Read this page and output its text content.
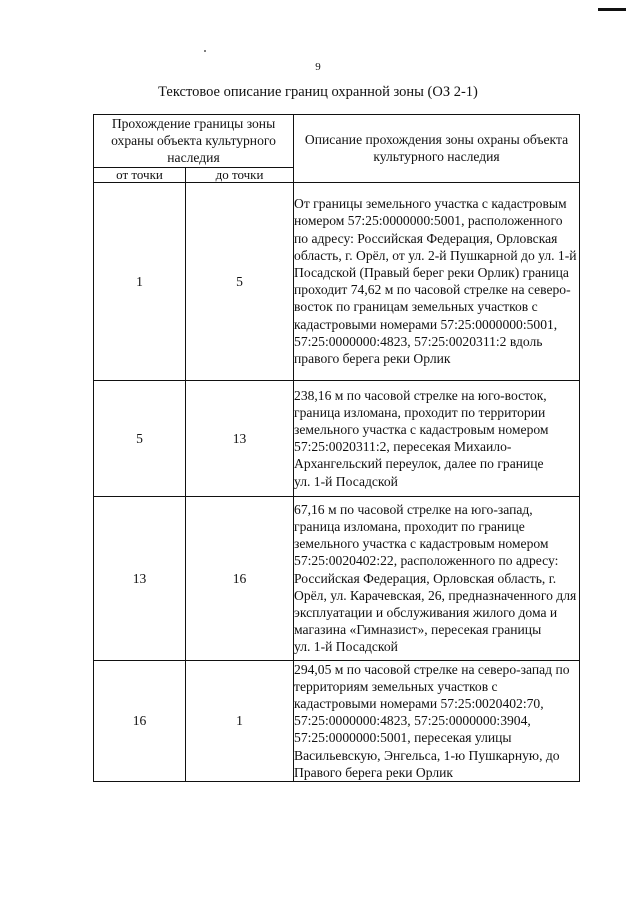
9
Текстовое описание границ охранной зоны (ОЗ 2-1)
Прохождение границы зоны охраны объекта культурного наследия		Описание прохождения зоны охраны объекта культурного наследия
от точки	до точки	
1	5	От границы земельного участка с кадастровым номером 57:25:0000000:5001, расположенного по адресу: Российская Федерация, Орловская область, г. Орёл, от ул. 2-й Пушкарной до ул. 1-й Посадской (Правый берег реки Орлик) граница проходит 74,62 м по часовой стрелке на северо-восток по границам земельных участков с кадастровыми номерами 57:25:0000000:5001, 57:25:0000000:4823, 57:25:0020311:2 вдоль правого берега реки Орлик

5	13	238,16 м по часовой стрелке на юго-восток, граница изломана, проходит по территории земельного участка с кадастровым номером 57:25:0020311:2, пересекая Михаило-Архангельский переулок, далее по границе
ул. 1-й Посадской

13	16	67,16 м по часовой стрелке на юго-запад, граница изломана, проходит по границе земельного участка с кадастровым номером 57:25:0020402:22, расположенного по адресу: Российская Федерация, Орловская область, г. Орёл, ул. Карачевская, 26, предназначенного для эксплуатации и обслуживания жилого дома и магазина «Гимназист», пересекая границы
ул. 1-й Посадской

16	1	294,05 м по часовой стрелке на северо-запад по территориям земельных участков с кадастровыми номерами 57:25:0020402:70, 57:25:0000000:4823, 57:25:0000000:3904, 57:25:0000000:5001, пересекая улицы Васильевскую, Энгельса, 1-ю Пушкарную, до Правого берега реки Орлик
